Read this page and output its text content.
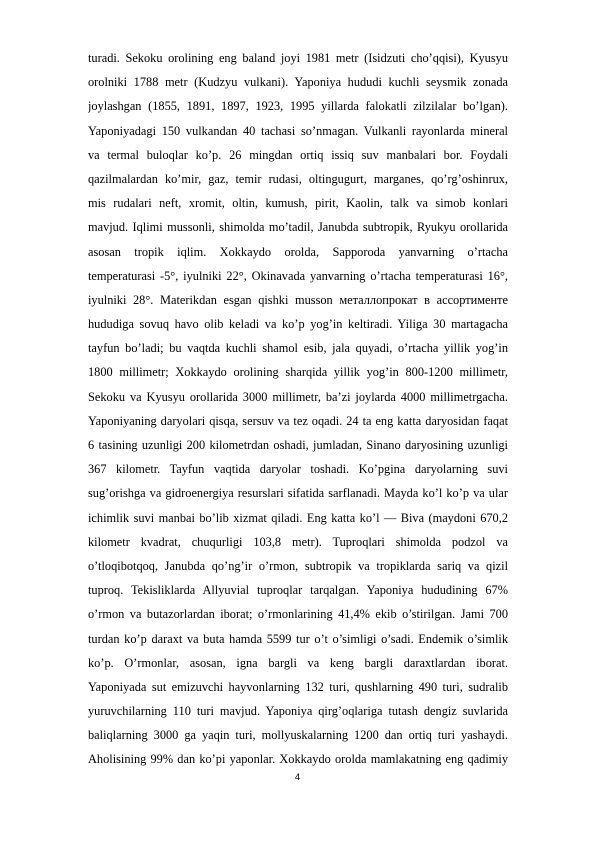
turadi. Sekoku orolining eng baland joyi 1981 metr (Isidzuti cho’qqisi), Kyusyu
orolniki 1788 metr (Kudzyu vulkani). Yaponiya hududi kuchli seysmik zonada
joylashgan (1855, 1891, 1897, 1923, 1995 yillarda falokatli zilzilalar bo’lgan).
Yaponiyadagi 150 vulkandan 40 tachasi so’nmagan. Vulkanli rayonlarda mineral
va termal buloqlar ko’p. 26 mingdan ortiq issiq suv manbalari bor. Foydali
qazilmalardan ko’mir, gaz, temir rudasi, oltingugurt, marganes, qo’rg’oshinrux,
mis rudalari neft, xromit, oltin, kumush, pirit, Kaolin, talk va simob konlari
mavjud. Iqlimi mussonli, shimolda mo’tadil, Janubda subtropik, Ryukyu orollarida
asosan tropik iqlim. Xokkaydo orolda, Sapporoda yanvarning o’rtacha
temperaturasi -5°, iyulniki 22°, Okinavada yanvarning o’rtacha temperaturasi 16°,
iyulniki 28°. Materikdan esgan qishki musson металлопрокат в ассортименте
hududiga sovuq havo olib keladi va ko’p yog’in keltiradi. Yiliga 30 martagacha
tayfun bo’ladi; bu vaqtda kuchli shamol esib, jala quyadi, o’rtacha yillik yog’in
1800 millimetr; Xokkaydo orolining sharqida yillik yog’in 800-1200 millimetr,
Sekoku va Kyusyu orollarida 3000 millimetr, ba’zi joylarda 4000 millimetrgacha.
Yaponiyaning daryolari qisqa, sersuv va tez oqadi. 24 ta eng katta daryosidan faqat
6 tasining uzunligi 200 kilometrdan oshadi, jumladan, Sinano daryosining uzunligi
367 kilometr. Tayfun vaqtida daryolar toshadi. Ko’pgina daryolarning suvi
sug’orishga va gidroenergiya resurslari sifatida sarflanadi. Mayda ko’l ko’p va ular
ichimlik suvi manbai bo’lib xizmat qiladi. Eng katta ko’l — Biva (maydoni 670,2
kilometr kvadrat, chuqurligi 103,8 metr). Tuproqlari shimolda podzol va
o’tloqibotqoq, Janubda qo’ng’ir o’rmon, subtropik va tropiklarda sariq va qizil
tuproq. Tekisliklarda Allyuvial tuproqlar tarqalgan. Yaponiya hududining 67%
o’rmon va butazorlardan iborat; o’rmonlarining 41,4% ekib o’stirilgan. Jami 700
turdan ko’p daraxt va buta hamda 5599 tur o’t o’simligi o’sadi. Endemik o’simlik
ko’p. O’rmonlar, asosan, igna bargli va keng bargli daraxtlardan iborat.
Yaponiyada sut emizuvchi hayvonlarning 132 turi, qushlarning 490 turi, sudralib
yuruvchilarning 110 turi mavjud. Yaponiya qirg’oqlariga tutash dengiz suvlarida
baliqlarning 3000 ga yaqin turi, mollyuskalarning 1200 dan ortiq turi yashaydi.
Aholisining 99% dan ko’pi yaponlar. Xokkaydo orolda mamlakatning eng qadimiy
4
